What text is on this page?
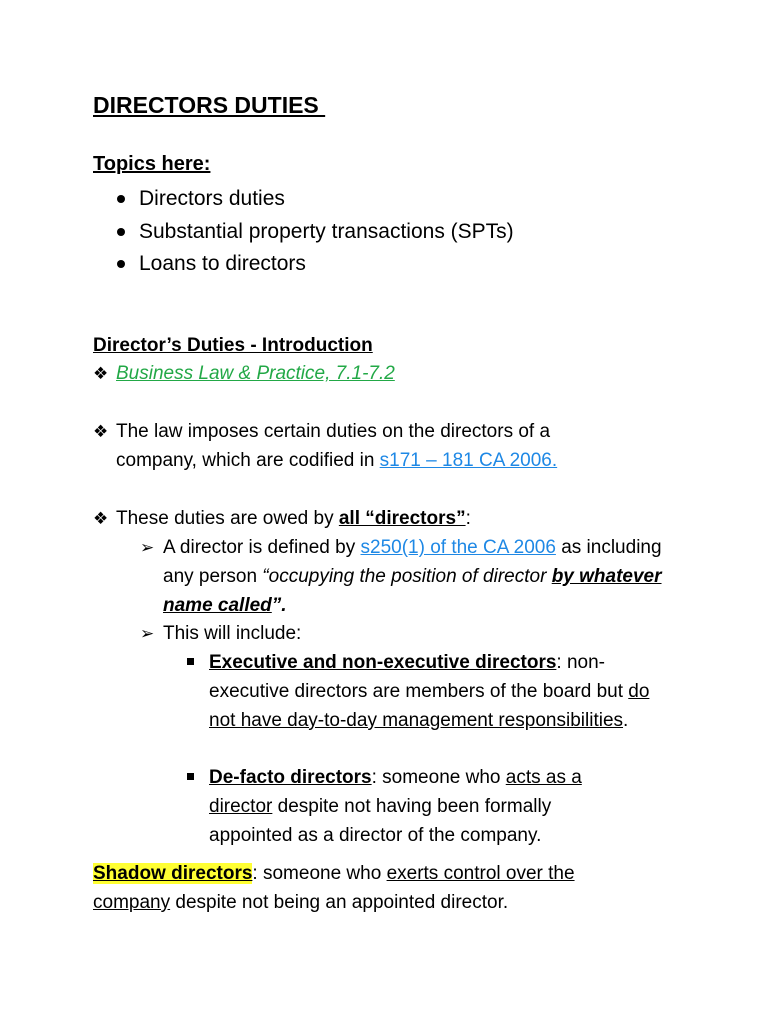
DIRECTORS DUTIES
Topics here:
Directors duties
Substantial property transactions (SPTs)
Loans to directors
Director’s Duties - Introduction
❖ Business Law & Practice, 7.1-7.2
❖ The law imposes certain duties on the directors of a company, which are codified in s171 – 181 CA 2006.
❖ These duties are owed by all “directors”:
➢ A director is defined by s250(1) of the CA 2006 as including any person “occupying the position of director by whatever name called”.
➢ This will include:
Executive and non-executive directors: non-executive directors are members of the board but do not have day-to-day management responsibilities.
De-facto directors: someone who acts as a director despite not having been formally appointed as a director of the company.
Shadow directors: someone who exerts control over the company despite not being an appointed director.
